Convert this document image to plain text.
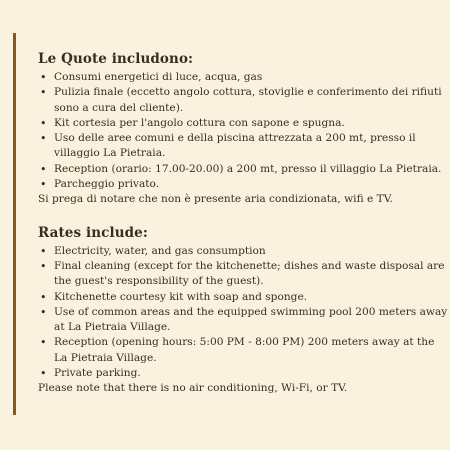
Le Quote includono:
• Consumi energetici di luce, acqua, gas
• Pulizia finale (eccetto angolo cottura, stoviglie e conferimento dei rifiuti sono a cura del cliente).
• Kit cortesia per l'angolo cottura con sapone e spugna.
• Uso delle aree comuni e della piscina attrezzata a 200 mt, presso il villaggio La Pietraia.
• Reception (orario: 17.00-20.00) a 200 mt, presso il villaggio La Pietraia.
• Parcheggio privato.

Si prega di notare che non è presente aria condizionata, wifi e TV.

Rates include:
• Electricity, water, and gas consumption
• Final cleaning (except for the kitchenette; dishes and waste disposal are the guest's responsibility of the guest).
• Kitchenette courtesy kit with soap and sponge.
• Use of common areas and the equipped swimming pool 200 meters away at La Pietraia Village.
• Reception (opening hours: 5:00 PM - 8:00 PM) 200 meters away at the La Pietraia Village.
• Private parking.

Please note that there is no air conditioning, Wi-Fi, or TV.
